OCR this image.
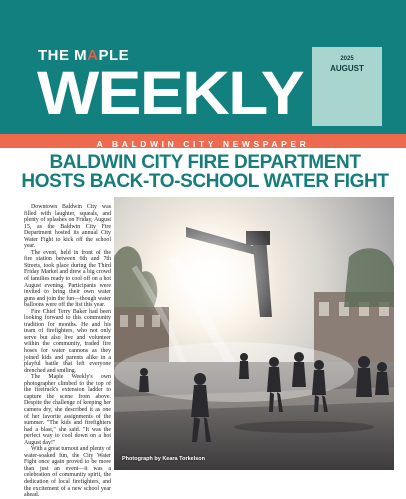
THE MAPLE
WEEKLY	2025
AUGUST
A BALDWIN CITY NEWSPAPER
BALDWIN CITY FIRE DEPARTMENT
HOSTS BACK-TO-SCHOOL WATER FIGHT

Downtown Baldwin City was filled with laughter, squeals, and plenty of splashes on Friday, August 15, as the Baldwin City Fire Department hosted its annual City Water Fight to kick off the school year.

The event, held in front of the fire station between 6th and 7th Streets, took place during the Third Friday Market and drew a big crowd of families ready to cool off on a hot August evening. Participants were invited to bring their own water guns and join the fun—though water balloons were off the list this year.

Fire Chief Terry Baker had been looking forward to this community tradition for months. He and his team of firefighters, who not only serve but also live and volunteer within the community, traded fire hoses for water cannons as they joined kids and parents alike in a playful battle that left everyone drenched and smiling.

The Maple Weekly's own photographer climbed to the top of the firetruck's extension ladder to capture the scene from above. Despite the challenge of keeping her camera dry, she described it as one of her favorite assignments of the summer. "The kids and firefighters had a blast," she said. "It was the perfect way to cool down on a hot August day!"

With a great turnout and plenty of water-soaked fun, the City Water Fight once again proved to be more than just an event—it was a celebration of community spirit, the dedication of local firefighters, and the excitement of a new school year ahead.

Photograph by Keara Torkelson
